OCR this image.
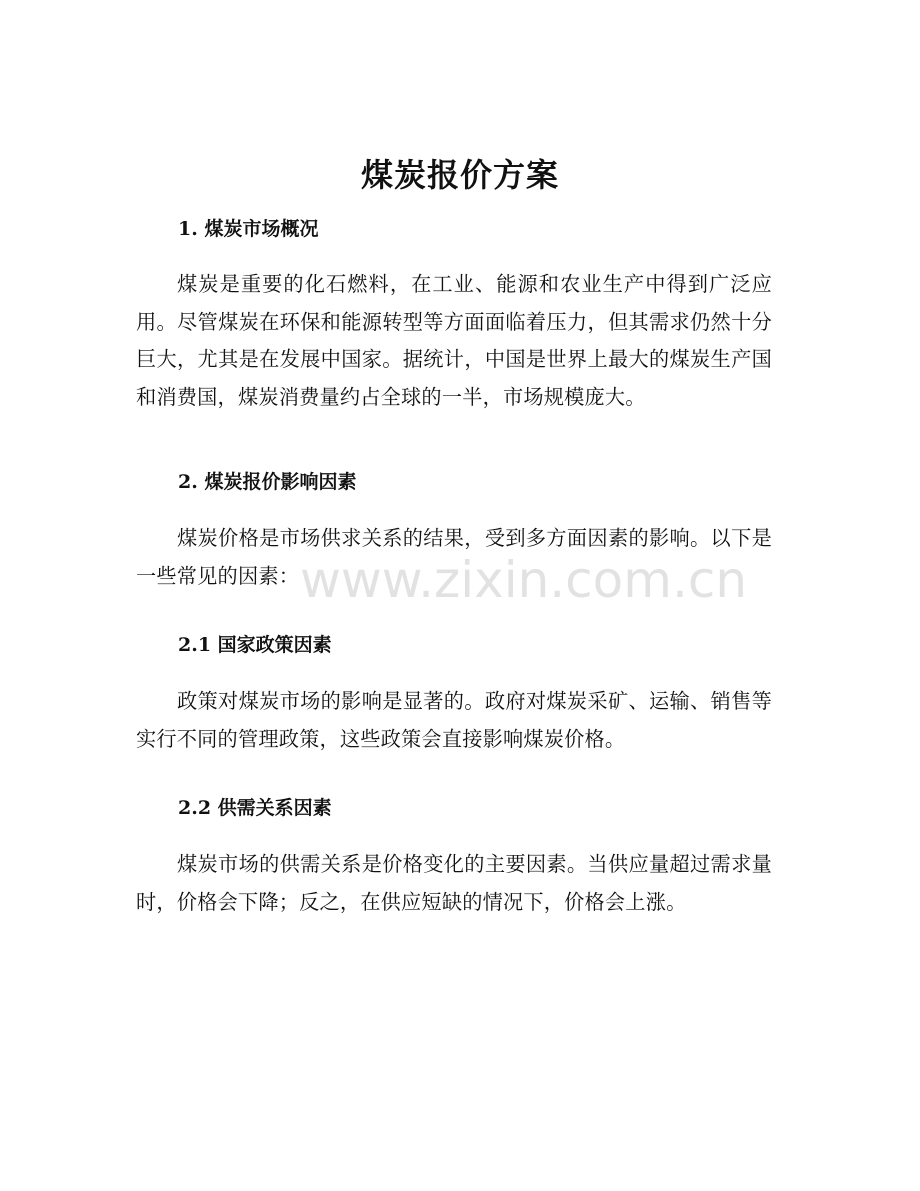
煤炭报价方案
1. 煤炭市场概况

煤炭是重要的化石燃料，在工业、能源和农业生产中得到广泛应用。尽管煤炭在环保和能源转型等方面面临着压力，但其需求仍然十分巨大，尤其是在发展中国家。据统计，中国是世界上最大的煤炭生产国和消费国，煤炭消费量约占全球的一半，市场规模庞大。

2. 煤炭报价影响因素

煤炭价格是市场供求关系的结果，受到多方面因素的影响。以下是一些常见的因素：

2.1 国家政策因素

政策对煤炭市场的影响是显著的。政府对煤炭采矿、运输、销售等实行不同的管理政策，这些政策会直接影响煤炭价格。

2.2 供需关系因素

煤炭市场的供需关系是价格变化的主要因素。当供应量超过需求量时，价格会下降；反之，在供应短缺的情况下，价格会上涨。

www.zixin.com.cn
